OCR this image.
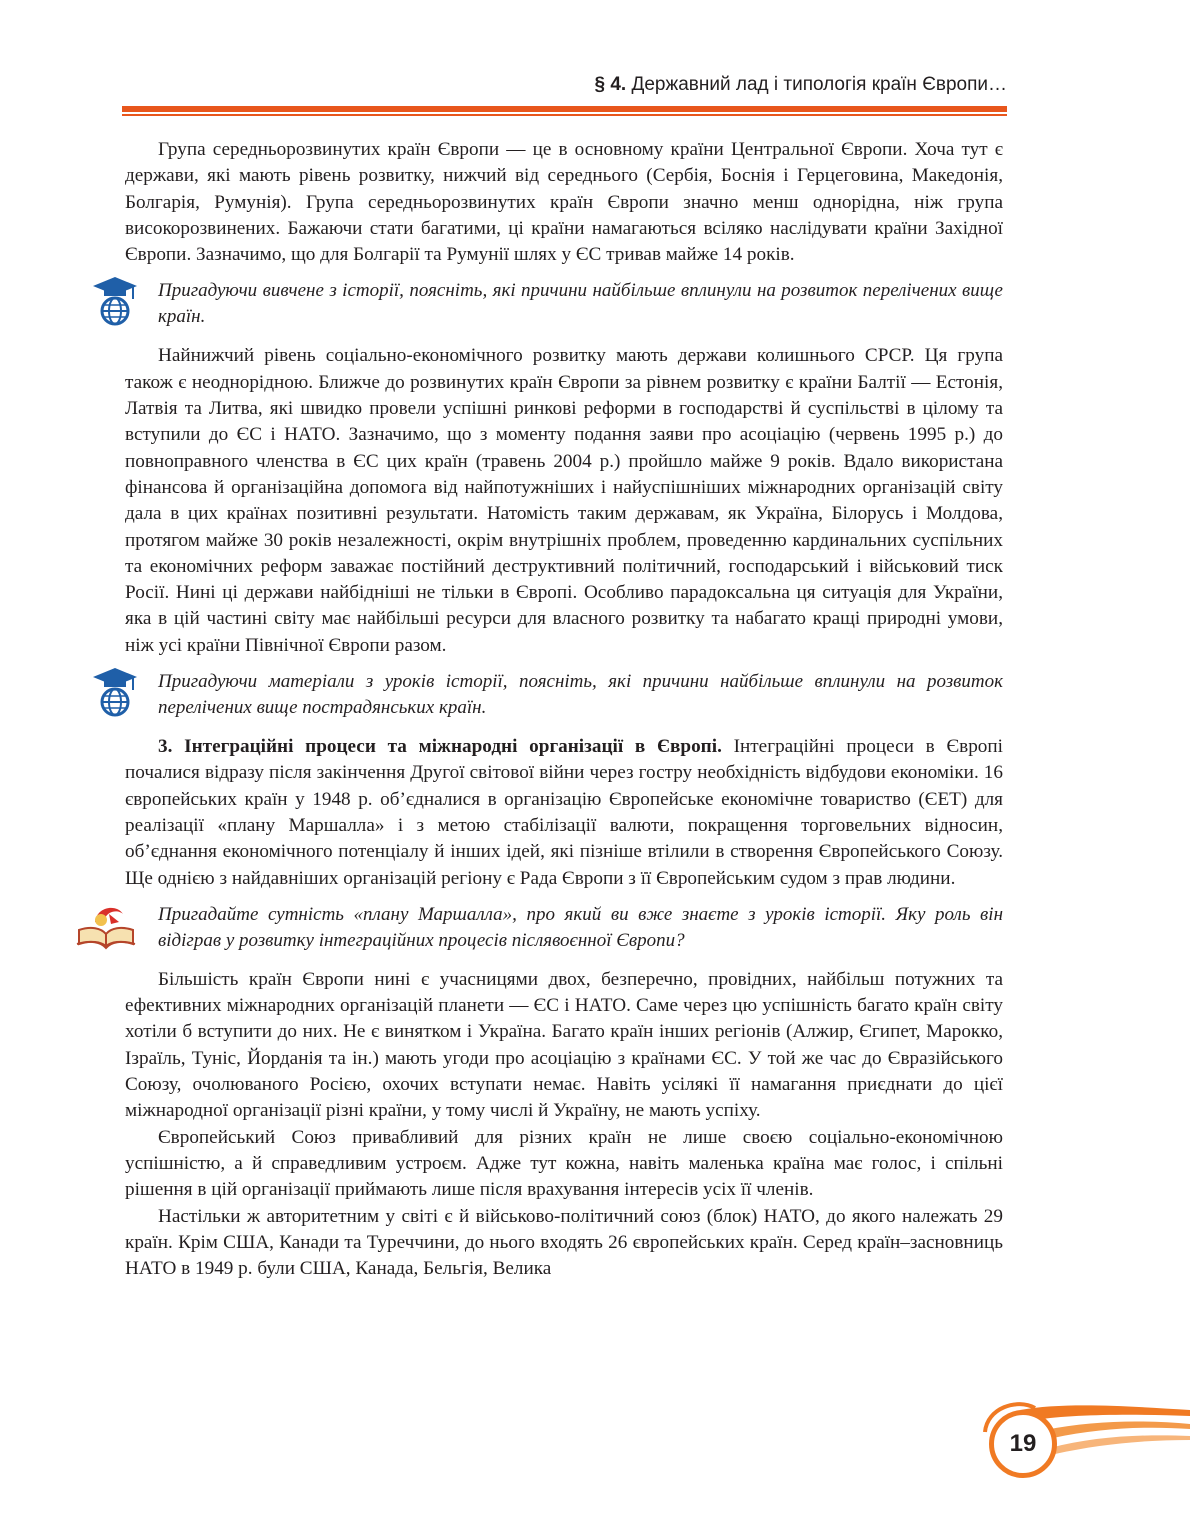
§ 4. Державний лад і типологія країн Європи…

Група середньорозвинутих країн Європи — це в основному країни Центральної Європи. Хоча тут є держави, які мають рівень розвитку, нижчий від середнього (Сербія, Боснія і Герцеговина, Македонія, Болгарія, Румунія). Група середньорозвинутих країн Європи значно менш однорідна, ніж група високорозвинених. Бажаючи стати багатими, ці країни намагаються всіляко наслідувати країни Західної Європи. Зазначимо, що для Болгарії та Румунії шлях у ЄС тривав майже 14 років.

Пригадуючи вивчене з історії, поясніть, які причини найбільше вплинули на розвиток перелічених вище країн.

Найнижчий рівень соціально-економічного розвитку мають держави колишнього СРСР. Ця група також є неоднорідною. Ближче до розвинутих країн Європи за рівнем розвитку є країни Балтії — Естонія, Латвія та Литва, які швидко провели успішні ринкові реформи в господарстві й суспільстві в цілому та вступили до ЄС і НАТО. Зазначимо, що з моменту подання заяви про асоціацію (червень 1995 р.) до повноправного членства в ЄС цих країн (травень 2004 р.) пройшло майже 9 років. Вдало використана фінансова й організаційна допомога від найпотужніших і найуспішніших міжнародних організацій світу дала в цих країнах позитивні результати. Натомість таким державам, як Україна, Білорусь і Молдова, протягом майже 30 років незалежності, окрім внутрішніх проблем, проведенню кардинальних суспільних та економічних реформ заважає постійний деструктивний політичний, господарський і військовий тиск Росії. Нині ці держави найбідніші не тільки в Європі. Особливо парадоксальна ця ситуація для України, яка в цій частині світу має найбільші ресурси для власного розвитку та набагато кращі природні умови, ніж усі країни Північної Європи разом.

Пригадуючи матеріали з уроків історії, поясніть, які причини найбільше вплинули на розвиток перелічених вище пострадянських країн.

3. Інтеграційні процеси та міжнародні організації в Європі. Інтеграційні процеси в Європі почалися відразу після закінчення Другої світової війни через гостру необхідність відбудови економіки. 16 європейських країн у 1948 р. об’єдналися в організацію Європейське економічне товариство (ЄЕТ) для реалізації «плану Маршалла» і з метою стабілізації валюти, покращення торговельних відносин, об’єднання економічного потенціалу й інших ідей, які пізніше втілили в створення Європейського Союзу. Ще однією з найдавніших організацій регіону є Рада Європи з її Європейським судом з прав людини.

Пригадайте сутність «плану Маршалла», про який ви вже знаєте з уроків історії. Яку роль він відіграв у розвитку інтеграційних процесів післявоєнної Європи?

Більшість країн Європи нині є учасницями двох, безперечно, провідних, найбільш потужних та ефективних міжнародних організацій планети — ЄС і НАТО. Саме через цю успішність багато країн світу хотіли б вступити до них. Не є винятком і Україна. Багато країн інших регіонів (Алжир, Єгипет, Марокко, Ізраїль, Туніс, Йорданія та ін.) мають угоди про асоціацію з країнами ЄС. У той же час до Євразійського Союзу, очолюваного Росією, охочих вступати немає. Навіть усілякі її намагання приєднати до цієї міжнародної організації різні країни, у тому числі й Україну, не мають успіху.

Європейський Союз привабливий для різних країн не лише своєю соціально-економічною успішністю, а й справедливим устроєм. Адже тут кожна, навіть маленька країна має голос, і спільні рішення в цій організації приймають лише після врахування інтересів усіх її членів.

Настільки ж авторитетним у світі є й військово-політичний союз (блок) НАТО, до якого належать 29 країн. Крім США, Канади та Туреччини, до нього входять 26 європейських країн. Серед країн–засновниць НАТО в 1949 р. були США, Канада, Бельгія, Велика

19
